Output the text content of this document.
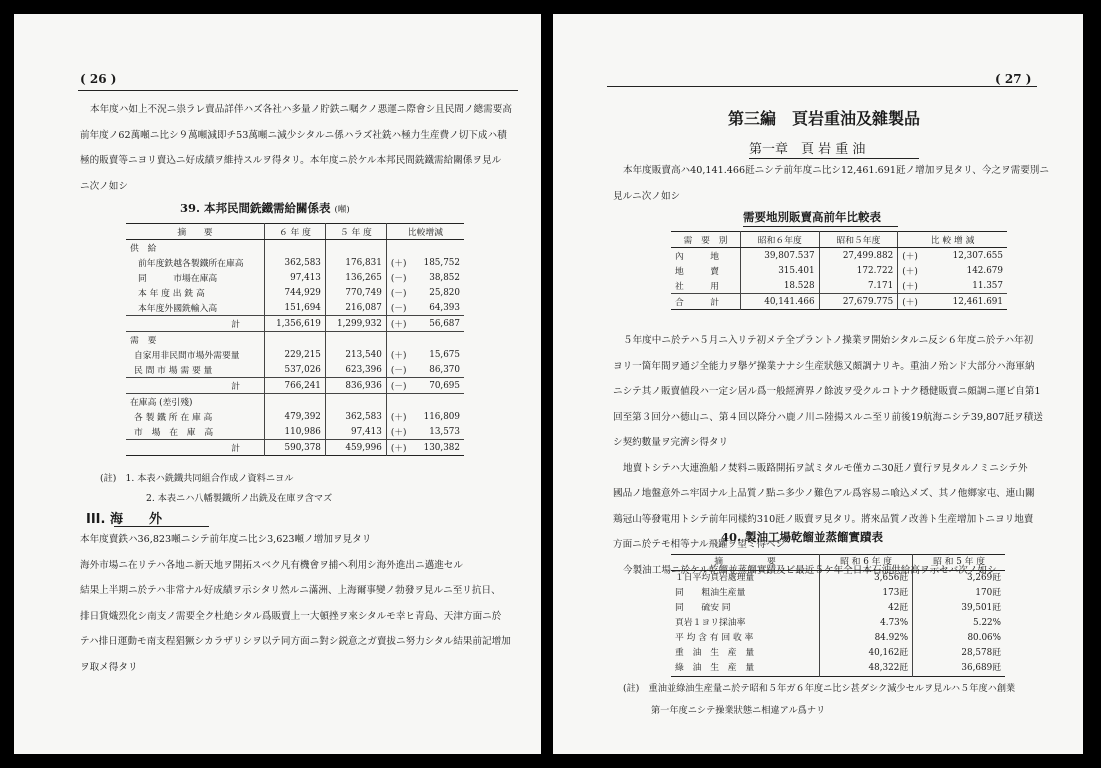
( 26 )

本年度ハ如上不況ニ祟ラレ賣品詳伴ハズ各社ハ多量ノ貯鉄ニ嘱クノ悪運ニ際會シ且民間ノ總需要高

前年度ノ62萬噸ニ比シ９萬噸減即チ53萬噸ニ減少シタルニ係ハラズ社銑ハ極力生産費ノ切下成ハ積

極的販賣等ニヨリ賣込ニ好成績ヲ維持スルヲ得タリ。本年度ニ於ケル本邦民間銑鐵需給關係ヲ見ル

ニ次ノ如シ

39. 本邦民間銑鐵需給關係表 (噸)
摘　　要	６ 年 度	５ 年 度	比較增減	
供　給				
前年度鉄越各製鐵所在庫高	362,583	176,831	(＋)	185,752
同　　　市場在庫高	97,413	136,265	(－)	38,852
本 年 度 出 銑 高	744,929	770,749	(－)	25,820
本年度外國銑輸入高	151,694	216,087	(－)	64,393
計	1,356,619	1,299,932	(＋)	56,687
需　要				
自家用非民間市場外需要量	229,215	213,540	(＋)	15,675
民 間 市 場 需 要 量	537,026	623,396	(－)	86,370
計	766,241	836,936	(－)	70,695
在庫高 (差引殘)				
各 製 鐵 所 在 庫 高	479,392	362,583	(＋)	116,809
市　場　在　庫　高	110,986	97,413	(＋)	13,573
計	590,378	459,996	(＋)	130,382
(註)　1. 本表ハ銑鐵共同組合作成ノ資料ニヨル
2. 本表ニハ八幡製鐵所ノ出銑及在庫ヲ含マズ
III. 海　　外

本年度賣鉄ハ36,823噸ニシテ前年度ニ比シ3,623噸ノ增加ヲ見タリ

海外市場ニ在リテハ各地ニ新天地ヲ開拓スベク凡有機會ヲ捕ヘ利用シ海外進出ニ邁進セル

結果上半期ニ於テハ非常ナル好成績ヲ示シタリ然ルニ滿洲、上海爾事變ノ勃發ヲ見ルニ至リ抗日、

排日貨熾烈化シ南支ノ需要全ク杜絶シタル爲販賣上一大頓挫ヲ來シタルモ幸ヒ青島、天津方面ニ於

テハ排日運動モ南支程猖獗シカラザリシヲ以テ同方面ニ對シ鋭意之ガ賣拔ニ努力シタル結果前記增加

ヲ取メ得タリ

( 27 )
第三編　頁岩重油及雜製品
第一章　頁 岩 重 油

本年度販賣高ハ40,141.466瓩ニシテ前年度ニ比シ12,461.691瓩ノ增加ヲ見タリ、今之ヲ需要別ニ

見ルニ次ノ如シ

需要地別販賣高前年比較表
需　要　別	昭和６年度	昭和５年度	比 較 增 減	
內　　　地	39,807.537	27,499.882	(＋)	12,307.655
地　　　賣	315.401	172.722	(＋)	142.679
社　　　用	18.528	7.171	(＋)	11.357
合　　　計	40,141.466	27,679.775	(＋)	12,461.691

５年度中ニ於テハ５月ニ入リテ初メテ全プラントノ操業ヲ開始シタルニ反シ６年度ニ於テハ年初

ヨリ一箇年間ヲ通ジ全能力ヲ擧ゲ操業ナナシ生産狀態又頗調ナリキ。重油ノ殆ンド大部分ハ海軍納

ニシテ其ノ販賣値段ハ一定シ居ル爲一般經濟界ノ餘波ヲ受クルコトナク穩健販賣ニ頗調ニ運ビ自第1

回至第３回分ハ德山ニ、第４回以降分ハ鹿ノ川ニ陸揚スルニ至リ前後19航海ニシテ39,807瓩ヲ積送

シ契約數量ヲ完濟シ得タリ

地賣トシテハ大連漁船ノ焚料ニ販路開拓ヲ試ミタルモ僅カニ30瓩ノ賣行ヲ見タルノミニシテ外

國品ノ地盤意外ニ牢固ナル上品質ノ點ニ多少ノ難色アル爲容易ニ喰込メズ、其ノ他鄉家屯、連山關

鶏冠山等發電用トシテ前年同樣約310瓩ノ販賣ヲ見タリ。將來品質ノ改善ト生産增加トニヨリ地賣

方面ニ於テモ相等ナル飛躍ヲ望ミ得ベシ

今製油工場ニ於ケル乾餾並蒸餾實蹟及ビ最近５ケ年全日本石油供給高ヲ示セバ次ノ如シ

40. 製油工場乾餾並蒸餾實蹟表
摘　　　　　要	昭 和 6 年 度	昭 和 5 年 度
１日平均頁岩處理量	3,656瓩	3,269瓩
同　　粗油生産量	173瓩	170瓩
同　　硫安 同	42瓩	39,501瓩
頁岩１ヨリ採油率	4.73%	5.22%
平 均 含 有 回 收 率	84.92%	80.06%
重　油　生　産　量	40,162瓩	28,578瓩
綠　油　生　産　量	48,322瓩	36,689瓩
(註)　重油並綠油生産量ニ於テ昭和５年ガ６年度ニ比シ甚ダシク減少セルヲ見ルハ５年度ハ創業
第一年度ニシテ操業狀態ニ相違アル爲ナリ
